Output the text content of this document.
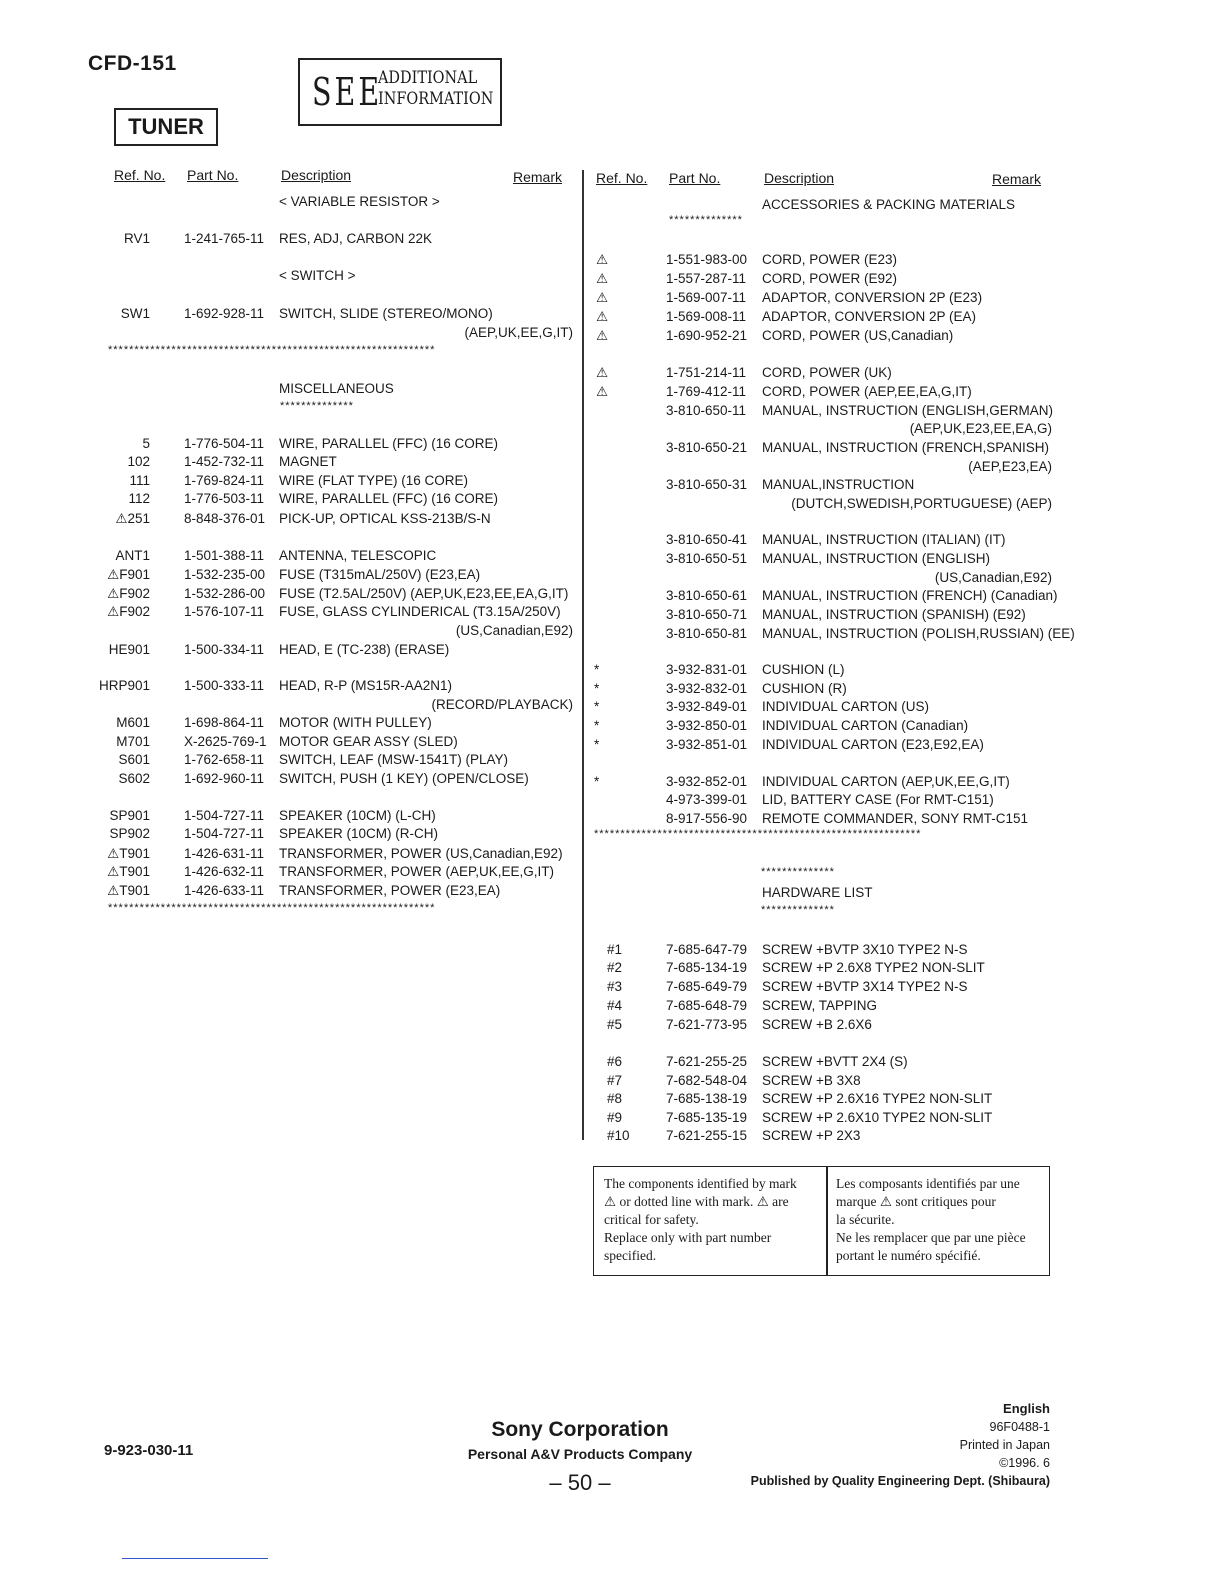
CFD-151
TUNER
SEE
ADDITIONAL
INFORMATION
Ref. No. Part No.	Description	Remark Ref. No. Part No.	Description	Remark
< VARIABLE RESISTOR >
RV1	1-241-765-11 RES, ADJ, CARBON 22K
< SWITCH >
SW1	1-692-928-11 SWITCH, SLIDE (STEREO/MONO)
(AEP,UK,EE,G,IT)
MISCELLANEOUS
5	1-776-504-11 WIRE, PARALLEL (FFC) (16 CORE)
102	1-452-732-11 MAGNET
111	1-769-824-11 WIRE (FLAT TYPE) (16 CORE)
112	1-776-503-11 WIRE, PARALLEL (FFC) (16 CORE)
⚠251	8-848-376-01 PICK-UP, OPTICAL KSS-213B/S-N
ANT1	1-501-388-11 ANTENNA, TELESCOPIC
⚠F901	1-532-235-00 FUSE (T315mAL/250V) (E23,EA)
⚠F902	1-532-286-00 FUSE (T2.5AL/250V) (AEP,UK,E23,EE,EA,G,IT)
⚠F902	1-576-107-11 FUSE, GLASS CYLINDERICAL (T3.15A/250V)
(US,Canadian,E92)
HE901	1-500-334-11 HEAD, E (TC-238) (ERASE)
HRP901	1-500-333-11 HEAD, R-P (MS15R-AA2N1)
(RECORD/PLAYBACK)
M601	1-698-864-11 MOTOR (WITH PULLEY)
M701	X-2625-769-1 MOTOR GEAR ASSY (SLED)
S601	1-762-658-11 SWITCH, LEAF (MSW-1541T) (PLAY)
S602	1-692-960-11 SWITCH, PUSH (1 KEY) (OPEN/CLOSE)
SP901	1-504-727-11 SPEAKER (10CM) (L-CH)
SP902	1-504-727-11 SPEAKER (10CM) (R-CH)
⚠T901	1-426-631-11 TRANSFORMER, POWER (US,Canadian,E92)
⚠T901	1-426-632-11 TRANSFORMER, POWER (AEP,UK,EE,G,IT)
⚠T901	1-426-633-11 TRANSFORMER, POWER (E23,EA)
ACCESSORIES & PACKING MATERIALS
⚠	1-551-983-00 CORD, POWER (E23)
⚠	1-557-287-11 CORD, POWER (E92)
⚠	1-569-007-11 ADAPTOR, CONVERSION 2P (E23)
⚠	1-569-008-11 ADAPTOR, CONVERSION 2P (EA)
⚠	1-690-952-21 CORD, POWER (US,Canadian)
⚠	1-751-214-11 CORD, POWER (UK)
⚠	1-769-412-11 CORD, POWER (AEP,EE,EA,G,IT)
3-810-650-11 MANUAL, INSTRUCTION (ENGLISH,GERMAN)
(AEP,UK,E23,EE,EA,G)
3-810-650-21 MANUAL, INSTRUCTION (FRENCH,SPANISH)
(AEP,E23,EA)
3-810-650-31 MANUAL,INSTRUCTION
(DUTCH,SWEDISH,PORTUGUESE) (AEP)
3-810-650-41 MANUAL, INSTRUCTION (ITALIAN) (IT)
3-810-650-51 MANUAL, INSTRUCTION (ENGLISH)
(US,Canadian,E92)
3-810-650-61 MANUAL, INSTRUCTION (FRENCH) (Canadian)
3-810-650-71 MANUAL, INSTRUCTION (SPANISH) (E92)
3-810-650-81 MANUAL, INSTRUCTION (POLISH,RUSSIAN) (EE)
*	3-932-831-01 CUSHION (L)
*	3-932-832-01 CUSHION (R)
*	3-932-849-01 INDIVIDUAL CARTON (US)
*	3-932-850-01 INDIVIDUAL CARTON (Canadian)
*	3-932-851-01 INDIVIDUAL CARTON (E23,E92,EA)
*	3-932-852-01 INDIVIDUAL CARTON (AEP,UK,EE,G,IT)
4-973-399-01 LID, BATTERY CASE (For RMT-C151)
8-917-556-90 REMOTE COMMANDER, SONY RMT-C151
HARDWARE LIST
#1	7-685-647-79 SCREW +BVTP 3X10 TYPE2 N-S
#2	7-685-134-19 SCREW +P 2.6X8 TYPE2 NON-SLIT
#3	7-685-649-79 SCREW +BVTP 3X14 TYPE2 N-S
#4	7-685-648-79 SCREW, TAPPING
#5	7-621-773-95 SCREW +B 2.6X6
#6	7-621-255-25 SCREW +BVTT 2X4 (S)
#7	7-682-548-04 SCREW +B 3X8
#8	7-685-138-19 SCREW +P 2.6X16 TYPE2 NON-SLIT
#9	7-685-135-19 SCREW +P 2.6X10 TYPE2 NON-SLIT
#10	7-621-255-15 SCREW +P 2X3
**************************************************************
**************
**************************************************************
**************
**************************************************************
**************
**************
The components identified by mark
⚠ or dotted line with mark. ⚠ are
critical for safety.
Replace only with part number
specified.
Les composants identifiés par une
marque ⚠ sont critiques pour
la sécurite.
Ne les remplacer que par une pièce
portant le numéro spécifié.
9-923-030-11
Sony Corporation
Personal A&V Products Company
– 50 –
English
96F0488-1
Printed in Japan
©1996. 6
Published by Quality Engineering Dept. (Shibaura)
